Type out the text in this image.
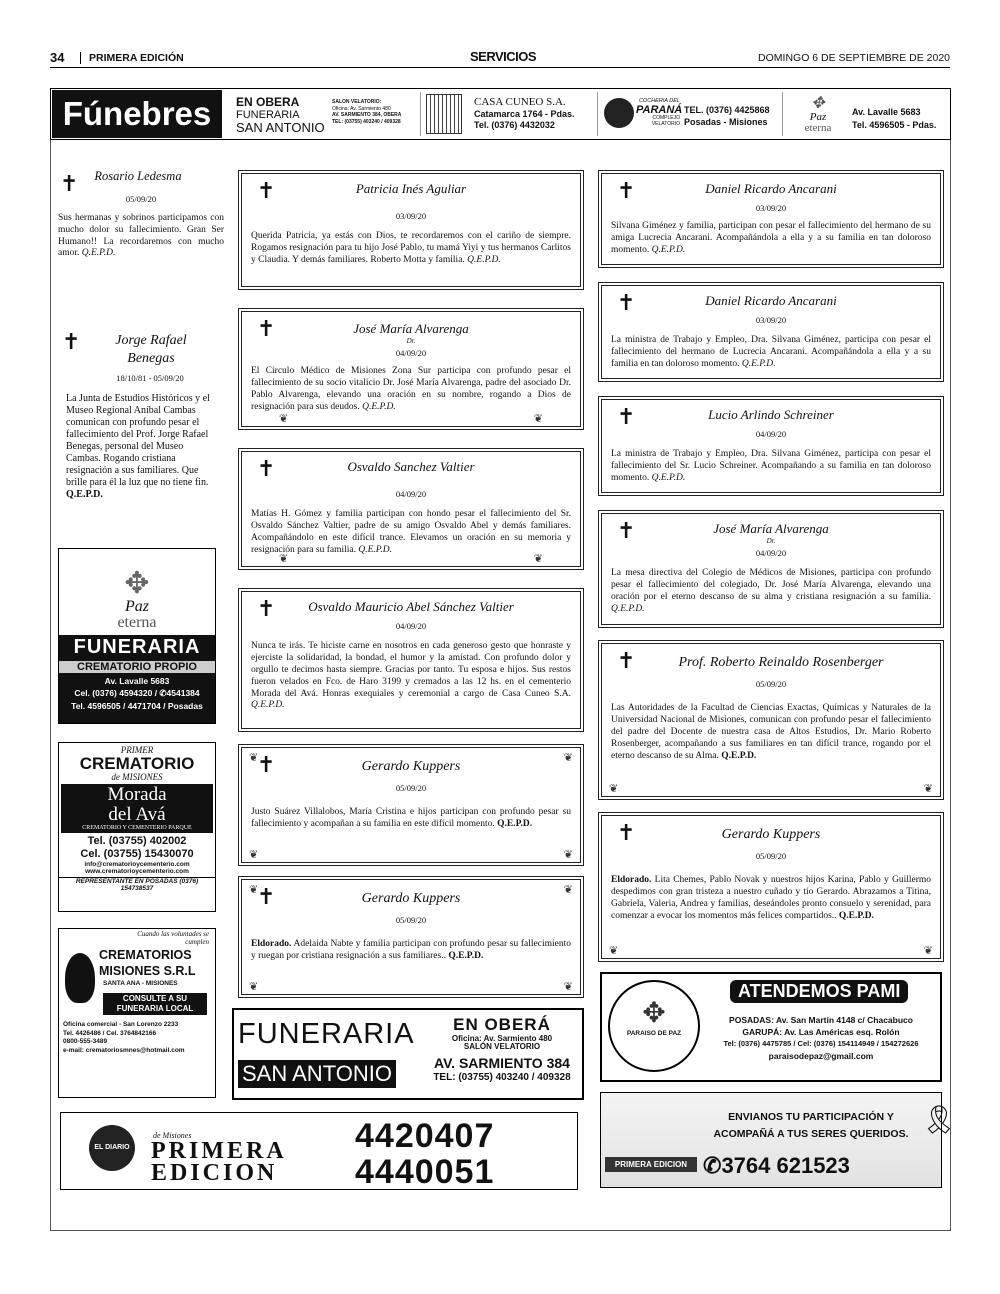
34	PRIMERA EDICIÓN	SERVICIOS	DOMINGO 6 DE SEPTIEMBRE DE 2020
Fúnebres	EN OBERA
FUNERARIA
SAN ANTONIO
SALON VELATORIO:
Oficina: Av. Sarmiento 480
AV. SARMIENTO 384, OBERA
TEL: (03755) 403240 / 409328
CASA CUNEO S.A.
Catamarca 1764 - Pdas.
Tel. (0376) 4432032
COCHERIA DEL
PARANÁ
COMPLEJO VELATORIO
TEL. (0376) 4425868
Posadas - Misiones
✥
Paz
eterna
Av. Lavalle 5683
Tel. 4596505 - Pdas.
✝	Rosario Ledesma
05/09/20
Sus hermanas y sobrinos participamos con mucho dolor su fallecimiento. Gran Ser Humano!! La recordaremos con mucho amor. Q.E.P.D.
✝	Jorge Rafael Benegas
18/10/81 - 05/09/20
La Junta de Estudios Históricos y el Museo Regional Aníbal Cambas comunican con profundo pesar el fallecimiento del Prof. Jorge Rafael Benegas, personal del Museo Cambas. Rogando cristiana resignación a sus familiares. Que brille para él la luz que no tiene fin. Q.E.P.D.
✥
Paz
eterna
FUNERARIA
CREMATORIO PROPIO
Av. Lavalle 5683
Cel. (0376) 4594320 / ✆4541384
Tel. 4596505 / 4471704 / Posadas
PRIMER
CREMATORIO
de MISIONES
Morada
del Avá
CREMATORIO Y CEMENTERIO PARQUE
Tel. (03755) 402002
Cel. (03755) 15430070
info@crematorioycementerio.com
www.crematorioycementerio.com
REPRESENTANTE EN POSADAS (0376) 154738537
Cuando las voluntades se cumplen
CREMATORIOS
MISIONES S.R.L
SANTA ANA - MISIONES
CONSULTE A SU
FUNERARIA LOCAL
Oficina comercial - San Lorenzo 2233
Tel. 4426486 / Cel. 3764842166
0800-555-3489
e-mail: crematoriosmnes@hotmail.com
✝	Patricia Inés Aguliar
03/09/20
Querida Patricia, ya estás con Dios, te recordaremos con el cariño de siempre. Rogamos resignación para tu hijo José Pablo, tu mamá Yiyi y tus hermanos Carlitos y Claudia. Y demás familiares. Roberto Motta y familia. Q.E.P.D.
✝	José María Alvarenga
Dr.
04/09/20
El Círculo Médico de Misiones Zona Sur participa con profundo pesar el fallecimiento de su socio vitalicio Dr. José María Alvarenga, padre del asociado Dr. Pablo Alvarenga, elevando una oración en su nombre, rogando a Dios de resignación para sus deudos. Q.E.P.D.
❦	❦
✝	Osvaldo Sanchez Valtier
04/09/20
Matías H. Gómez y familia participan con hondo pesar el fallecimiento del Sr. Osvaldo Sánchez Valtier, padre de su amigo Osvaldo Abel y demás familiares. Acompañándolo en este difícil trance. Elevamos un oración en su memoria y resignación para su familia. Q.E.P.D.
❦	❦
✝	Osvaldo Mauricio Abel Sánchez Valtier
04/09/20
Nunca te irás. Te hiciste carne en nosotros en cada generoso gesto que honraste y ejerciste la solidaridad, la bondad, el humor y la amistad. Con profundo dolor y orgullo te decimos hasta siempre. Gracias por tanto. Tu esposa e hijos. Sus restos fueron velados en Fco. de Haro 3199 y cremados a las 12 hs. en el cementerio Morada del Avá. Honras exequiales y ceremonial a cargo de Casa Cuneo S.A. Q.E.P.D.
✝	Gerardo Kuppers
05/09/20
Justo Suárez Villalobos, María Cristina e hijos participan con profundo pesar su fallecimiento y acompañan a su familia en este difícil momento. Q.E.P.D.
❦	❦
❦	❦
✝	Gerardo Kuppers
05/09/20
Eldorado. Adelaida Nabte y familia participan con profundo pesar su fallecimiento y ruegan por cristiana resignación a sus familiares.. Q.E.P.D.
❦	❦
❦	❦
FUNERARIA
SAN ANTONIO
EN OBERÁ
Oficina: Av. Sarmiento 480
SALÓN VELATORIO
AV. SARMIENTO 384
TEL: (03755) 403240 / 409328
EL DIARIO
de Misiones
PRIMERA
EDICION
4420407
4440051
✝	Daniel Ricardo Ancarani
03/09/20
Silvana Giménez y familia, participan con pesar el fallecimiento del hermano de su amiga Lucrecia Ancarani. Acompañándola a ella y a su familia en tan doloroso momento. Q.E.P.D.
✝	Daniel Ricardo Ancarani
03/09/20
La ministra de Trabajo y Empleo, Dra. Silvana Giménez, participa con pesar el fallecimiento del hermano de Lucrecia Ancarani. Acompañándola a ella y a su familia en tan doloroso momento. Q.E.P.D.
✝	Lucio Arlindo Schreiner
04/09/20
La ministra de Trabajo y Empleo, Dra. Silvana Giménez, participa con pesar el fallecimiento del Sr. Lucio Schreiner. Acompañando a su familia en tan doloroso momento. Q.E.P.D.
✝	José María Alvarenga
Dr.
04/09/20
La mesa directiva del Colegio de Médicos de Misiones, participa con profundo pesar el fallecimiento del colegiado, Dr. José María Alvarenga, elevando una oración por el eterno descanso de su alma y cristiana resignación a su familia. Q.E.P.D.
✝	Prof. Roberto Reinaldo Rosenberger
05/09/20
Las Autoridades de la Facultad de Ciencias Exactas, Químicas y Naturales de la Universidad Nacional de Misiones, comunican con profundo pesar el fallecimiento del padre del Docente de nuestra casa de Altos Estudios, Dr. Mario Roberto Rosenberger, acompañando a sus familiares en tan difícil trance, rogando por el eterno descanso de su Alma. Q.E.P.D.
❦	❦
✝	Gerardo Kuppers
05/09/20
Eldorado. Lita Chemes, Pablo Novak y nuestros hijos Karina, Pablo y Guillermo despedimos con gran tristeza a nuestro cuñado y tío Gerardo. Abrazamos a Titina, Gabriela, Valeria, Andrea y familias, deseándoles pronto consuelo y serenidad, para comenzar a evocar los momentos más felices compartidos.. Q.E.P.D.
❦	❦
✥
PARAISO DE PAZ
ATENDEMOS PAMI
POSADAS: Av. San Martín 4148 c/ Chacabuco
GARUPÁ: Av. Las Américas esq. Rolón
Tel: (0376) 4475785 / Cel: (0376) 154114949 / 154272626
paraisodepaz@gmail.com
ENVIANOS TU PARTICIPACIÓN Y
ACOMPAÑÁ A TUS SERES QUERIDOS. 🎗
PRIMERA EDICION ✆3764 621523
